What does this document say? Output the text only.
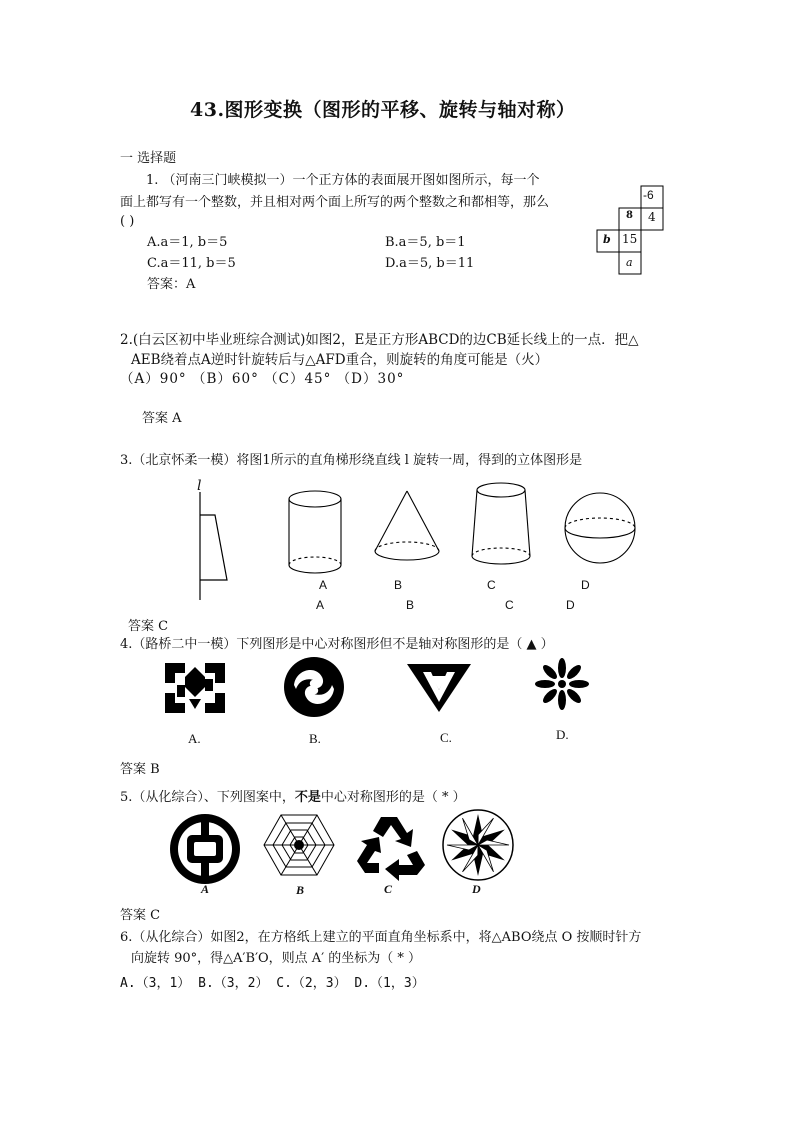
43.图形变换（图形的平移、旋转与轴对称）
一 选择题
1. （河南三门峡模拟一）一个正方体的表面展开图如图所示，每一个
面上都写有一个整数，并且相对两个面上所写的两个整数之和都相等，那么
( )
A.a＝1, b＝5	B.a＝5, b＝1
C.a＝11, b＝5	D.a＝5, b＝11
答案：A
-6
8 4
b 15
a
2.(白云区初中毕业班综合测试)如图2，E是正方形ABCD的边CB延长线上的一点．把△
AEB绕着点A逆时针旋转后与△AFD重合，则旋转的角度可能是（火）
（A）90° （B）60° （C）45° （D）30°
答案 A
3.（北京怀柔一模）将图1所示的直角梯形绕直线 l 旋转一周，得到的立体图形是
l
A	B	C	D
A	B	C	D
答案 C
4.（路桥二中一模）下列图形是中心对称图形但不是轴对称图形的是（ ▲ ）
A.	B.	C.	D.
答案 B
5.（从化综合）、下列图案中，不是中心对称图形的是（ * ）
A	B	C	D
答案 C
6.（从化综合）如图2，在方格纸上建立的平面直角坐标系中，将△ABO绕点 O 按顺时针方
向旋转 90°，得△A′B′O，则点 A′ 的坐标为（ * ）
A.（3，1） B.（3，2） C.（2，3） D.（1，3）
